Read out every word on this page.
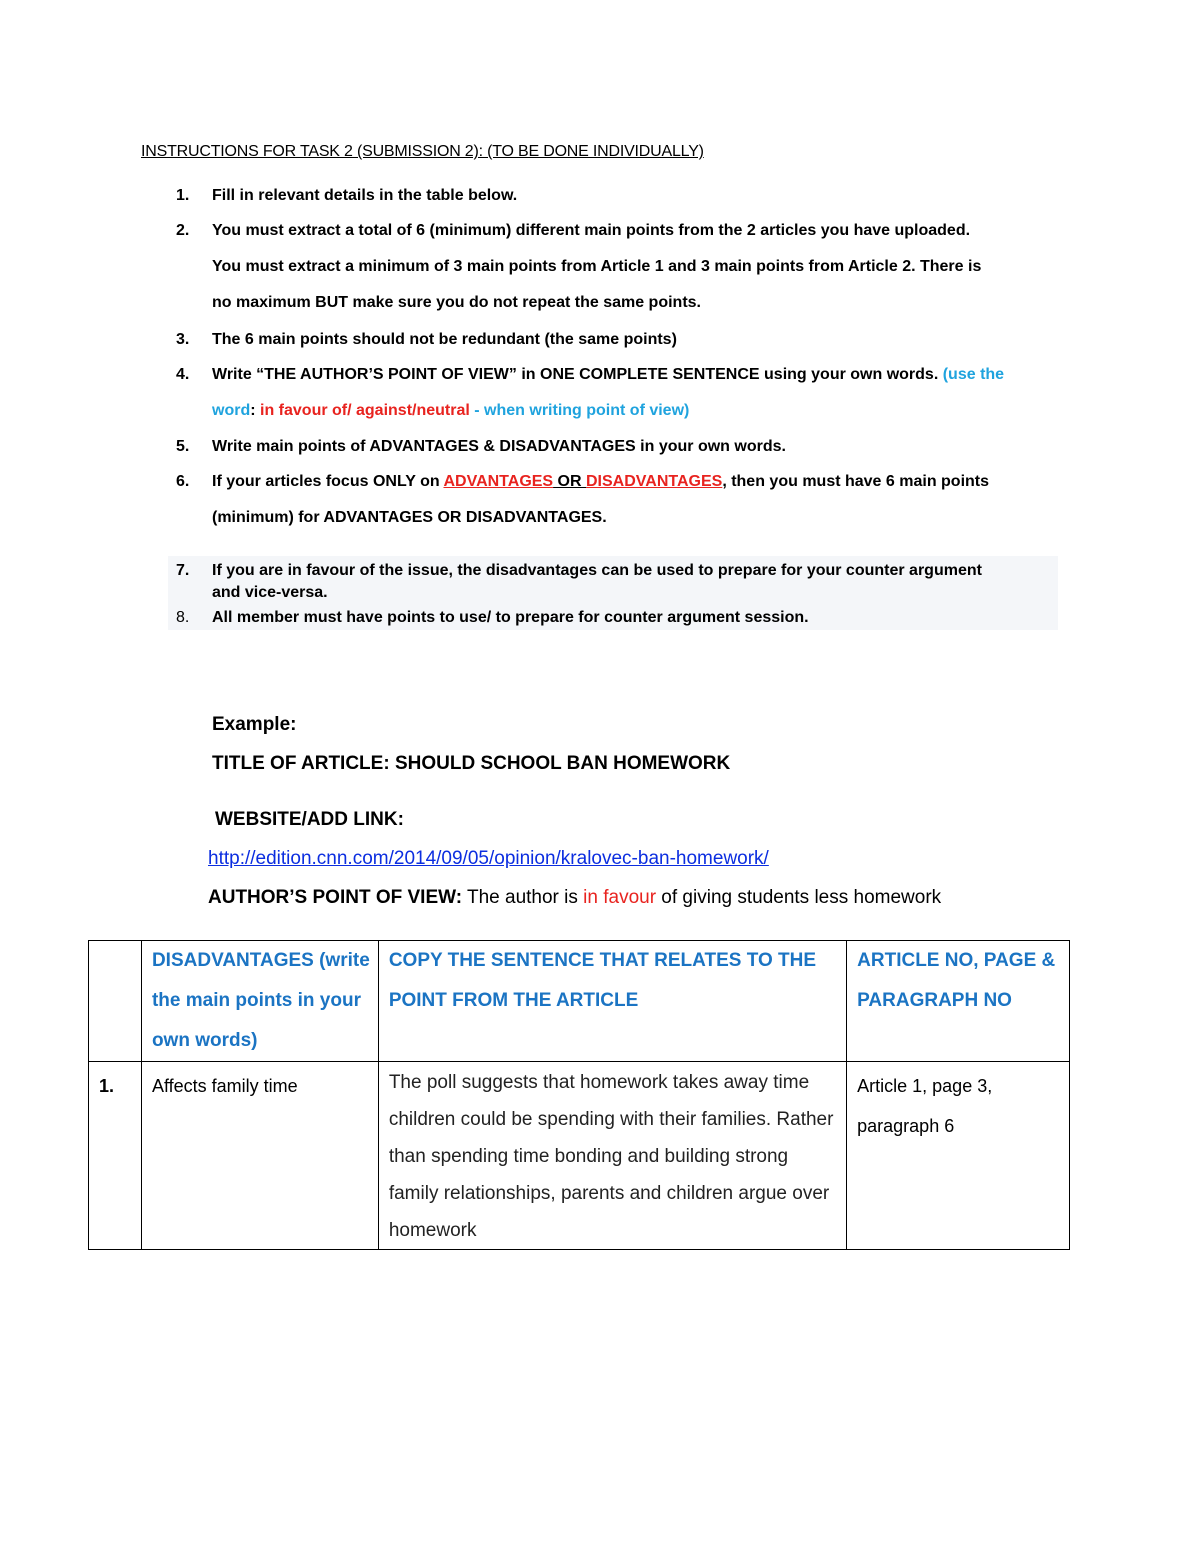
INSTRUCTIONS FOR TASK 2 (SUBMISSION 2): (TO BE DONE INDIVIDUALLY)
1. Fill in relevant details in the table below.
2. You must extract a total of 6 (minimum) different main points from the 2 articles you have uploaded.
You must extract a minimum of 3 main points from Article 1 and 3 main points from Article 2. There is
no maximum BUT make sure you do not repeat the same points.
3. The 6 main points should not be redundant (the same points)
4. Write “THE AUTHOR’S POINT OF VIEW” in ONE COMPLETE SENTENCE using your own words. (use the
word: in favour of/ against/neutral - when writing point of view)
5. Write main points of ADVANTAGES & DISADVANTAGES in your own words.
6. If your articles focus ONLY on ADVANTAGES OR DISADVANTAGES, then you must have 6 main points
(minimum) for ADVANTAGES OR DISADVANTAGES.
7. If you are in favour of the issue, the disadvantages can be used to prepare for your counter argument
and vice-versa.
8. All member must have points to use/ to prepare for counter argument session.
Example:
TITLE OF ARTICLE: SHOULD SCHOOL BAN HOMEWORK
WEBSITE/ADD LINK:
http://edition.cnn.com/2014/09/05/opinion/kralovec-ban-homework/
AUTHOR’S POINT OF VIEW: The author is in favour of giving students less homework
	DISADVANTAGES (write the main points in your own words)	COPY THE SENTENCE THAT RELATES TO THE POINT FROM THE ARTICLE	ARTICLE NO, PAGE & PARAGRAPH NO
1.	Affects family time	The poll suggests that homework takes away time children could be spending with their families. Rather than spending time bonding and building strong family relationships, parents and children argue over homework	Article 1, page 3, paragraph 6
